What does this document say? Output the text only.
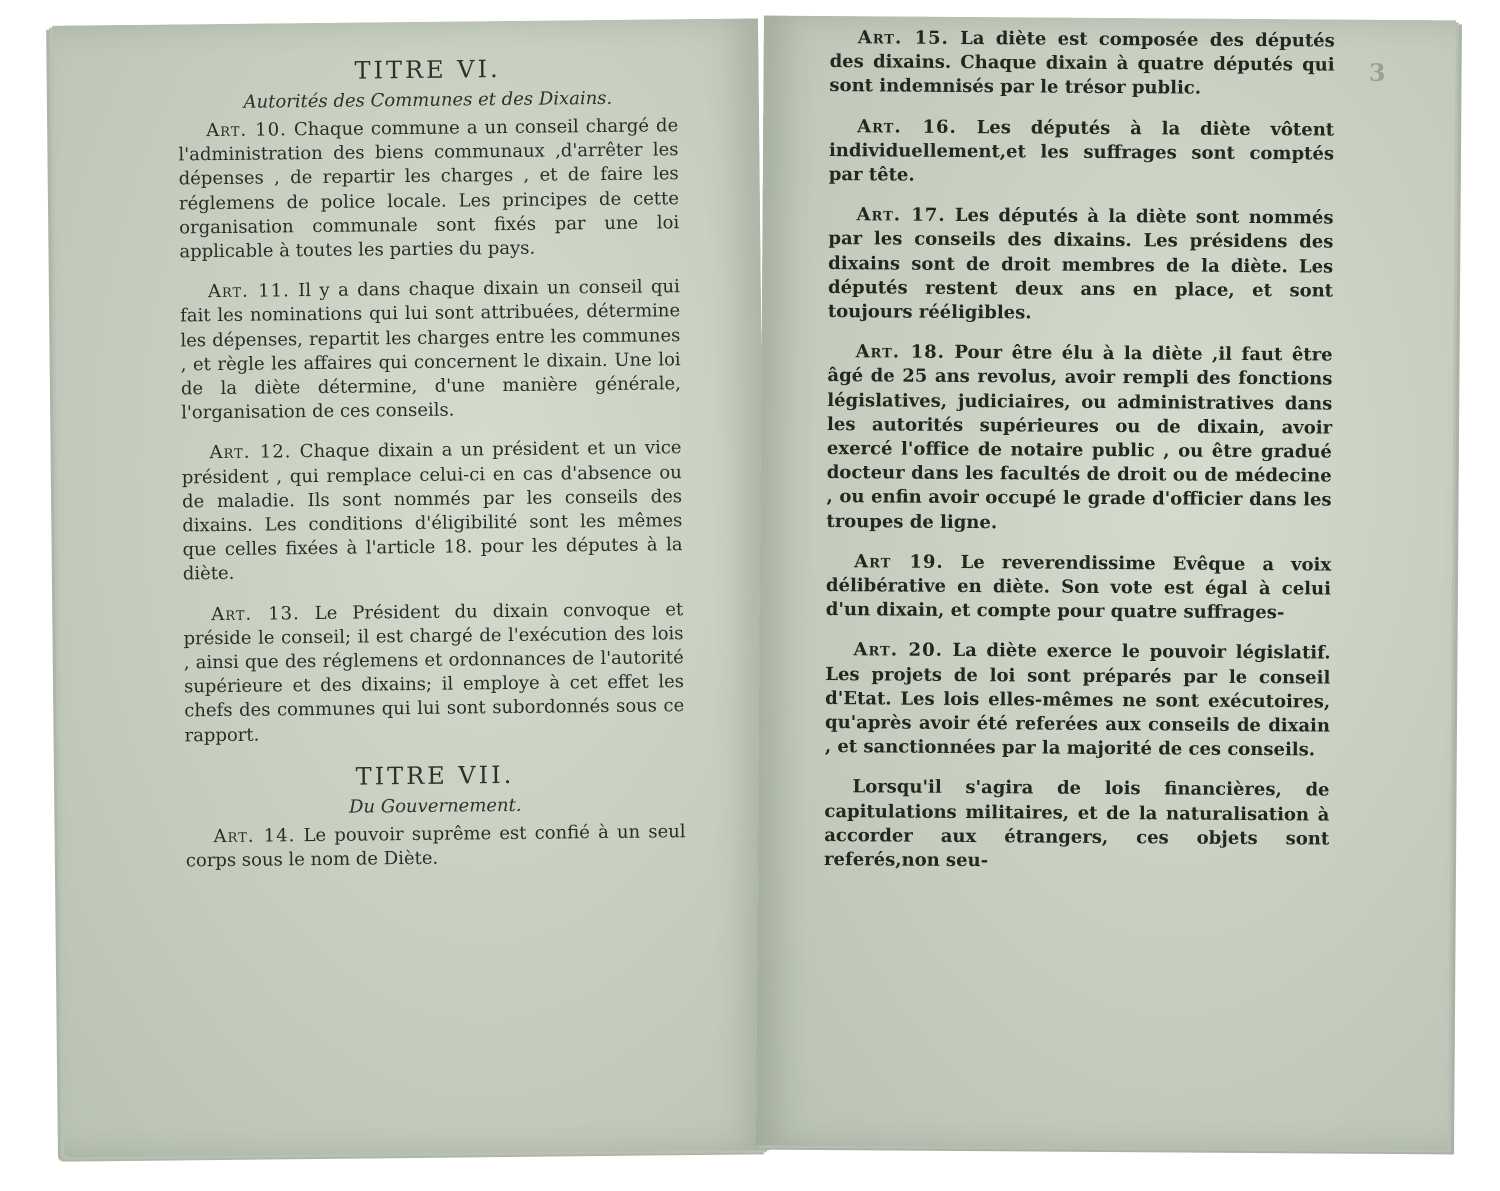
TITRE VI.
Autorités des Communes et des Dixains.

Art. 10. Chaque commune a un conseil chargé de l'administration des biens communaux ,d'arrêter les dépenses , de repartir les charges , et de faire les réglemens de police locale. Les principes de cette organisation communale sont fixés par une loi applicable à toutes les parties du pays.

Art. 11. Il y a dans chaque dixain un conseil qui fait les nominations qui lui sont attribuées, détermine les dépenses, repartit les charges entre les communes , et règle les affaires qui concernent le dixain. Une loi de la diète détermine, d'une manière générale, l'organisation de ces conseils.

Art. 12. Chaque dixain a un président et un vice président , qui remplace celui-ci en cas d'absence ou de maladie. Ils sont nommés par les conseils des dixains. Les conditions d'éligibilité sont les mêmes que celles fixées à l'article 18. pour les députes à la diète.

Art. 13. Le Président du dixain convoque et préside le conseil; il est chargé de l'exécution des lois , ainsi que des réglemens et ordonnances de l'autorité supérieure et des dixains; il employe à cet effet les chefs des communes qui lui sont subordonnés sous ce rapport.

TITRE VII.
Du Gouvernement.

Art. 14. Le pouvoir suprême est confié à un seul corps sous le nom de Diète.

3

Art. 15. La diète est composée des députés des dixains. Chaque dixain à quatre députés qui sont indemnisés par le trésor public.

Art. 16. Les députés à la diète vôtent individuellement,et les suffrages sont comptés par tête.

Art. 17. Les députés à la diète sont nommés par les conseils des dixains. Les présidens des dixains sont de droit membres de la diète. Les députés restent deux ans en place, et sont toujours rééligibles.

Art. 18. Pour être élu à la diète ,il faut être âgé de 25 ans revolus, avoir rempli des fonctions législatives, judiciaires, ou administratives dans les autorités supérieures ou de dixain, avoir exercé l'office de notaire public , ou être gradué docteur dans les facultés de droit ou de médecine , ou enfin avoir occupé le grade d'officier dans les troupes de ligne.

Art 19. Le reverendissime Evêque a voix délibérative en diète. Son vote est égal à celui d'un dixain, et compte pour quatre suffrages-

Art. 20. La diète exerce le pouvoir législatif. Les projets de loi sont préparés par le conseil d'Etat. Les lois elles-mêmes ne sont exécutoires, qu'après avoir été referées aux conseils de dixain , et sanctionnées par la majorité de ces conseils.

Lorsqu'il s'agira de lois financières, de capitulations militaires, et de la naturalisation à accorder aux étrangers, ces objets sont referés,non seu-
